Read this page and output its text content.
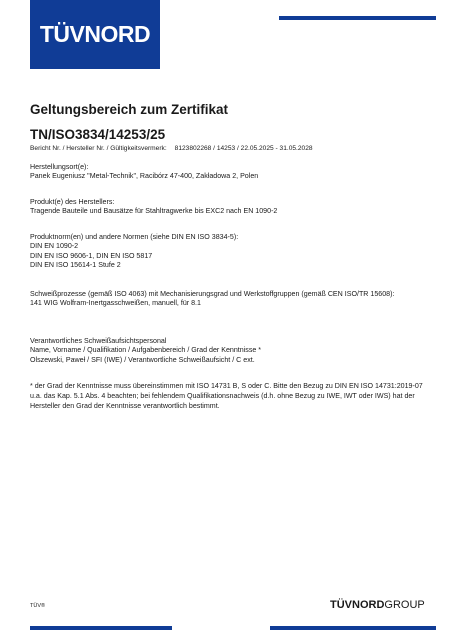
TÜVNORD
Geltungsbereich zum Zertifikat
TN/ISO3834/14253/25
Bericht Nr. / Hersteller Nr. / Gültigkeitsvermerk: 8123802268 / 14253 / 22.05.2025 - 31.05.2028
Herstellungsort(e):
Panek Eugeniusz "Metal-Technik", Racibórz 47-400, Zakładowa 2, Polen
Produkt(e) des Herstellers:
Tragende Bauteile und Bausätze für Stahltragwerke bis EXC2 nach EN 1090-2
Produktnorm(en) und andere Normen (siehe DIN EN ISO 3834-5):
DIN EN 1090-2
DIN EN ISO 9606-1, DIN EN ISO 5817
DIN EN ISO 15614-1 Stufe 2
Schweißprozesse (gemäß ISO 4063) mit Mechanisierungsgrad und Werkstoffgruppen (gemäß CEN ISO/TR 15608):
141 WIG Wolfram-Inertgasschweißen, manuell, für 8.1
Verantwortliches Schweißaufsichtspersonal
Name, Vorname / Qualifikation / Aufgabenbereich / Grad der Kenntnisse *
Olszewski, Paweł / SFI (IWE) / Verantwortliche Schweißaufsicht / C ext.
* der Grad der Kenntnisse muss übereinstimmen mit ISO 14731 B, S oder C. Bitte den Bezug zu DIN EN ISO 14731:2019-07 u.a. das Kap. 5.1 Abs. 4 beachten; bei fehlendem Qualifikationsnachweis (d.h. ohne Bezug zu IWE, IWT oder IWS) hat der Hersteller den Grad der Kenntnisse verantwortlich bestimmt.
TÜV®	TÜVNORDGROUP
